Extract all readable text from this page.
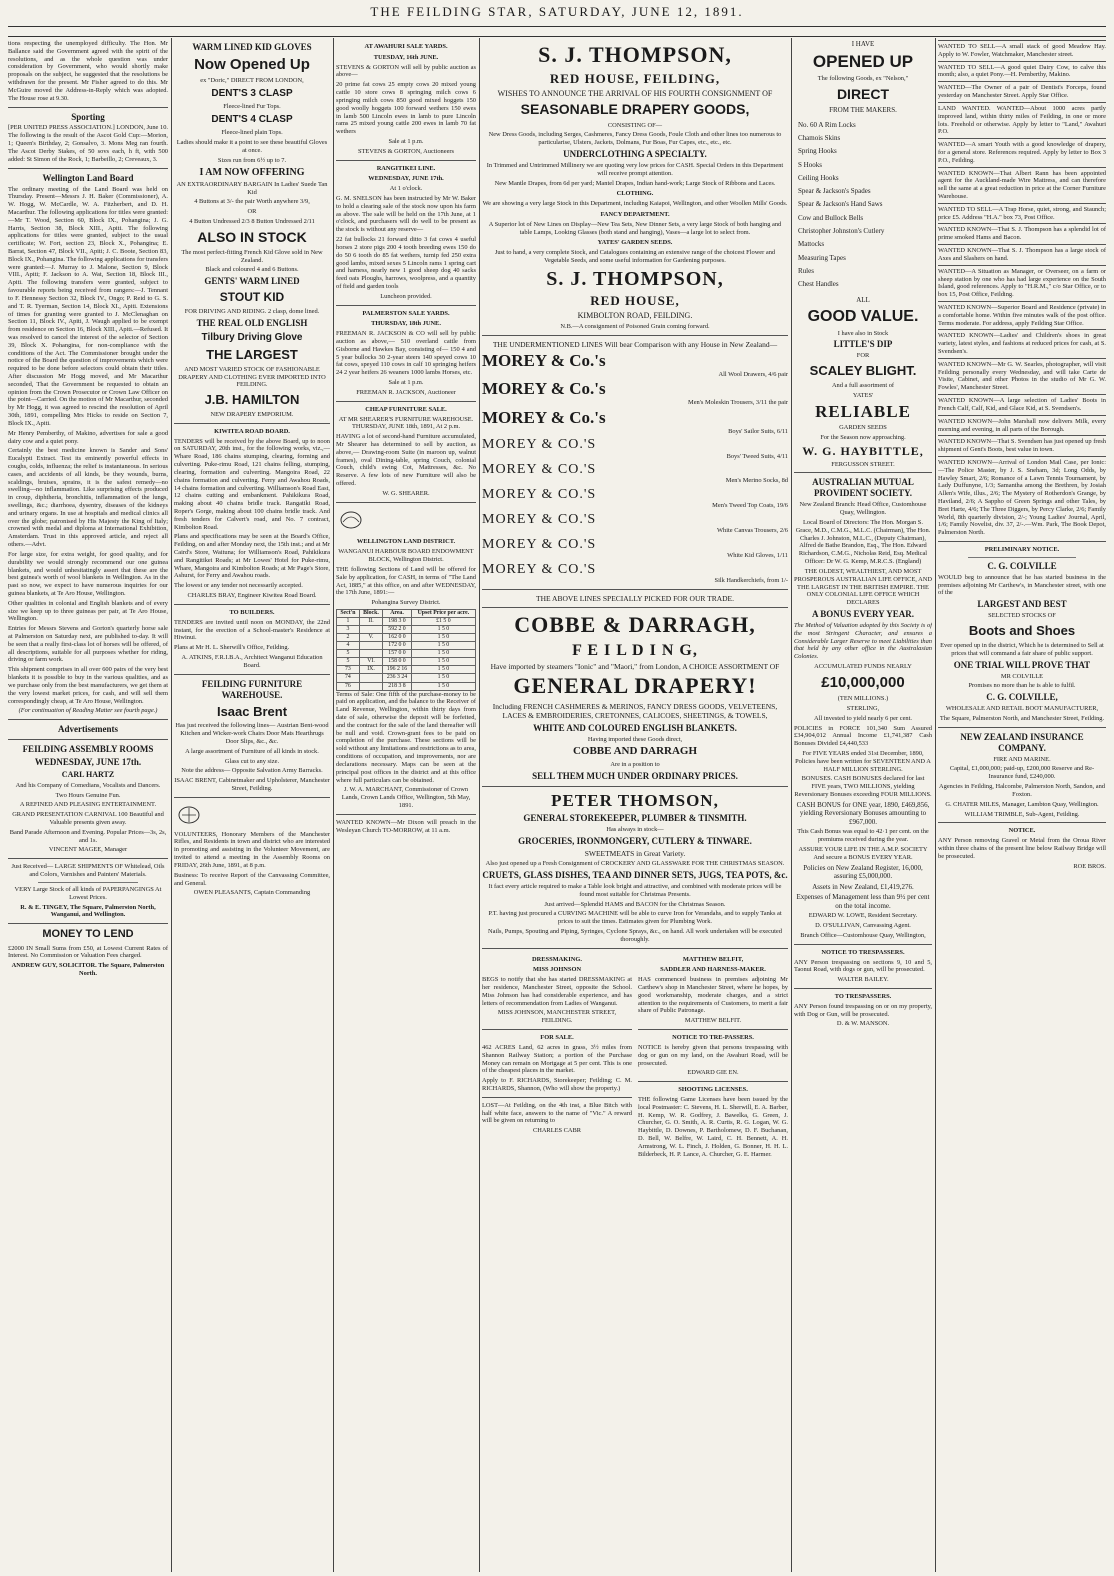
THE FEILDING STAR, SATURDAY, JUNE 12, 1891.

tions respecting the unemployed difficulty. The Hon. Mr Ballance said the Government agreed with the spirit of the resolutions, and as the whole question was under consideration by Government, who would shortly make proposals on the subject, he suggested that the resolutions be withdrawn for the present. Mr Fisher agreed to do this. Mr McGuire moved the Address-in-Reply which was adopted. The House rose at 9.30.

Sporting

[PER UNITED PRESS ASSOCIATION.] LONDON, June 10. The following is the result of the Ascot Gold Cup:—Morion, 1; Queen's Birthday, 2; Gonsalvo, 3. Mons Meg ran fourth. The Ascot Derby Stakes, of 50 sovs each, h ft, with 500 added: St Simon of the Rock, 1; Barbeillo, 2; Creveaux, 3.

Wellington Land Board

The ordinary meeting of the Land Board was held on Thursday. Present—Messrs J. H. Baker (Commissioner), A. W. Hogg, W. McCardle, W. A. Fitzherbert, and D. H. Macarthur. The following applications for titles were granted:—Mr T. Wood, Section 60, Block IX., Pohangina; J. G. Harris, Section 38, Block XIII., Apiti. The following applications for titles were granted, subject to the usual certificate; W. Fort, section 23, Block X., Pohangina; E. Barrat, Section 47, Block VII., Apiti; J. C. Boote, Section 83, Block IX., Pohangina. The following applications for transfers were granted:—J. Murray to J. Malone, Section 9, Block VIII., Apiti; F. Jackson to A. Wat, Section 18, Block III., Apiti. The following transfers were granted, subject to favourable reports being received from rangers:—J. Tennant to F. Hennessy Section 32, Block IV., Ongo; P. Reid to G. S. and T. R. Tyerman, Section 14, Block XI., Apiti. Extensions of times for granting were granted to J. McClenaghan on Section 11, Block IV., Apiti, J. Waugh applied to be exempt from residence on Section 16, Block XIII., Apiti.—Refused. It was resolved to cancel the interest of the selector of Section 39, Block X. Pohangina, for non-compliance with the conditions of the Act. The Commissioner brought under the notice of the Board the question of improvements which were required to be done before selectors could obtain their titles. After discussion Mr Hogg moved, and Mr Macarthur seconded, That the Government be requested to obtain an opinion from the Crown Prosecutor or Crown Law Officer on the point—Carried. On the motion of Mr Macarthur, seconded by Mr Hogg, it was agreed to rescind the resolution of April 30th, 1891, compelling Mrs Hicks to reside on Section 7, Block IX., Apiti.

Mr Henry Pemberthy, of Makino, advertises for sale a good dairy cow and a quiet pony.

Certainly the best medicine known is Sander and Sons' Eucalypti Extract. Test its eminently powerful effects in coughs, colds, influenza; the relief is instantaneous. In serious cases, and accidents of all kinds, be they wounds, burns, scaldings, bruises, sprains, it is the safest remedy—no swelling—no inflammation. Like surprising effects produced in croup, diphtheria, bronchitis, inflammation of the lungs, swellings, &c.; diarrhoea, dysentry, diseases of the kidneys and urinary organs. In use at hospitals and medical clinics all over the globe; patronised by His Majesty the King of Italy; crowned with medal and diploma at International Exhibition, Amsterdam. Trust in this approved article, and reject all others.—Advt.

For large size, for extra weight, for good quality, and for durability we would strongly recommend our one guinea blankets, and would unhesitatingly assert that these are the best guinea's worth of wool blankets in Wellington. As in the past so now, we expect to have numerous inquiries for our guinea blankets, at Te Aro House, Wellington.

Other qualities in colonial and English blankets and of every size we keep up to three guineas per pair, at Te Aro House, Wellington.

Entries for Messrs Stevens and Gorton's quarterly horse sale at Palmerston on Saturday next, are published to-day. It will be seen that a really first-class lot of horses will be offered, of all descriptions, suitable for all purposes whether for riding, driving or farm work.

This shipment comprises in all over 600 pairs of the very best blankets it is possible to buy in the various qualities, and as we purchase only from the best manufacturers, we get them at the very lowest market prices, for cash, and will sell them correspondingly cheap, at Te Aro House, Wellington.

(For continuation of Reading Matter see fourth page.)

Advertisements
FEILDING ASSEMBLY ROOMS
WEDNESDAY, JUNE 17th.
CARL HARTZ

And his Company of Comedians, Vocalists and Dancers.

Two Hours Genuine Fun.

A REFINED AND PLEASING ENTERTAINMENT.

GRAND PRESENTATION CARNIVAL 100 Beautiful and Valuable presents given away.

Band Parade Afternoon and Evening. Popular Prices—3s, 2s, and 1s.

VINCENT MAGEE, Manager

Just Received— LARGE SHIPMENTS OF Whitelead, Oils and Colors, Varnishes and Painters' Materials.

VERY Large Stock of all kinds of PAPERPANGINGS At Lowest Prices.

R. & E. TINGEY, The Square, Palmerston North, Wanganui, and Wellington.

MONEY TO LEND

£2000 IN Small Sums from £50, at Lowest Current Rates of Interest. No Commission or Valuation Fees charged.

ANDREW GUY, SOLICITOR. The Square, Palmerston North.

WARM LINED KID GLOVES
Now Opened Up

ex "Doric," DIRECT FROM LONDON,

DENT'S 3 CLASP

Fleece-lined Fur Tops.

DENT'S 4 CLASP

Fleece-lined plain Tops.

Ladies should make it a point to see these beautiful Gloves at once.

Sizes run from 6½ up to 7.

I AM NOW OFFERING

AN EXTRAORDINARY BARGAIN In Ladies' Suede Tan Kid

4 Buttons at 3/- the pair Worth anywhere 3/9,

OR

4 Button Undressed 2/3 8 Button Undressed 2/11

ALSO IN STOCK

The most perfect-fitting French Kid Glove sold in New Zealand.

Black and coloured 4 and 6 Buttons.

GENTS' WARM LINED
STOUT KID

FOR DRIVING AND RIDING. 2 clasp, dome lined.

THE REAL OLD ENGLISH
Tilbury Driving Glove
THE LARGEST

AND MOST VARIED STOCK OF FASHIONABLE DRAPERY AND CLOTHING EVER IMPORTED INTO FEILDING.

J.B. HAMILTON

NEW DRAPERY EMPORIUM.

KIWITEA ROAD BOARD.

TENDERS will be received by the above Board, up to noon on SATURDAY, 20th inst., for the following works, viz.,— Whare Road, 186 chains stumping, clearing, forming and culverting. Puke-rimu Road, 121 chains felling, stumping, clearing, formation and culverting. Mangoira Road, 22 chains formation and culverting. Ferry and Awahou Roads, 14 chains formation and culverting. Williamson's Road East, 12 chains cutting and embankment. Pahikikura Road, making about 40 chains bridle track. Rangatiki Road, Roper's Gorge, making about 100 chains bridle track. And fresh tenders for Calvert's road, and No. 7 contract, Kimbolton Road.

Plans and specifications may be seen at the Board's Office, Feilding, on and after Monday next, the 15th inst.; and at Mr Caird's Store, Waituna; for Williamson's Road, Pahikikura and Rangitikei Roads; at Mr Lowes' Hotel for Puke-rimu, Whare, Mangoira and Kimbolton Roads; at Mr Page's Store, Ashurst, for Ferry and Awahou roads.

The lowest or any tender not necessarily accepted.

CHARLES BRAY, Engineer Kiwitea Road Board.

TO BUILDERS.

TENDERS are invited until noon on MONDAY, the 22nd instant, for the erection of a School-master's Residence at Hiwinui.

Plans at Mr H. L. Sherwill's Office, Feilding.

A. ATKINS, F.R.I.B.A., Architect Wanganui Education Board.

FEILDING FURNITURE WAREHOUSE.
Isaac Brent

Has just received the following lines— Austrian Bent-wood Kitchen and Wicker-work Chairs Door Mats Hearthrugs Door Slips, &c., &c.

A large assortment of Furniture of all kinds in stock.

Glass cut to any size.

Note the address— Opposite Salvation Army Barracks.

ISAAC BRENT, Cabinetmaker and Upholsterer, Manchester Street, Feilding.

VOLUNTEERS, Honorary Members of the Manchester Rifles, and Residents in town and district who are interested in promoting and assisting in the Volunteer Movement, are invited to attend a meeting in the Assembly Rooms on FRIDAY, 26th June, 1891, at 8 p.m.

Business: To receive Report of the Canvassing Committee, and General.

OWEN PLEASANTS, Captain Commanding

AT AWAHURI SALE YARDS.
TUESDAY, 16th JUNE.

STEVENS & GORTON will sell by public auction as above—

20 prime fat cows 25 empty cows 20 mixed young cattle 10 store cows 8 springing milch cows 6 springing milch cows 850 good mixed hoggets 150 good woolly hoggets 100 forward wethers 150 ewes in lamb 500 Lincoln ewes in lamb to pure Lincoln rams 25 mixed young cattle 200 ewes in lamb 70 fat wethers

Sale at 1 p.m.

STEVENS & GORTON, Auctioneers

RANGITIKEI LINE.
WEDNESDAY, JUNE 17th.

At 1 o'clock.

G. M. SNELSON has been instructed by Mr W. Baker to hold a clearing sale of the stock now upon his farm as above. The sale will be held on the 17th June, at 1 o'clock, and purchasers will do well to be present as the stock is without any reserve—

22 fat bullocks 21 forward ditto 3 fat cows 4 useful horses 2 store pigs 200 4 tooth breeding ewes 150 do do 50 6 tooth do 85 fat wethers, turnip fed 250 extra good lambs, mixed sexes 5 Lincoln rams 1 spring cart and harness, nearly new 1 good sheep dog 40 sacks feed oats Ploughs, harrows, woolpress, and a quantity of field and garden tools

Luncheon provided.

PALMERSTON SALE YARDS.
THURSDAY, 18th JUNE.

FREEMAN R. JACKSON & CO will sell by public auction as above,— 510 overland cattle from Gisborne and Hawkes Bay, consisting of— 150 4 and 5 year bullocks 30 2-year steers 140 speyed cows 10 fat cows, speyed 110 cows in calf 10 springing heifers 24 2 year heifers 26 weaners 1000 lambs Horses, etc.

Sale at 1 p.m.

FREEMAN R. JACKSON, Auctioneer

CHEAP FURNITURE SALE.

AT MR SHEARER'S FURNITURE WAREHOUSE. THURSDAY, JUNE 18th, 1891, At 2 p.m.

HAVING a lot of second-hand Furniture accumulated, Mr Shearer has determined to sell by auction, as above,— Drawing-room Suite (in maroon up, walnut frames), oval Dining-table, spring Couch, colonial Couch, child's swing Cot, Mattresses, &c. No Reserve. A few lots of new Furniture will also be offered.

W. G. SHEARER.

WELLINGTON LAND DISTRICT.

WANGANUI HARBOUR BOARD ENDOWMENT BLOCK, Wellington District.

THE following Sections of Land will be offered for Sale by application, for CASH, in terms of "The Land Act, 1885," at this office, on and after WEDNESDAY, the 17th June, 1891:—

Pohangina Survey District.

Sect'n	Block.	Area.	Upset Price per acre.
1	II.	198 3 0	£1 5 0
3		592 2 0	1 5 0
2	V.	162 0 0	1 5 0
4		172 0 0	1 5 0
5		157 0 0	1 5 0
5	VI.	158 0 0	1 5 0
73	IX.	196 2 16	1 5 0
74		236 3 24	1 5 0
76		218 3 8	1 5 0

Terms of Sale: One fifth of the purchase-money to be paid on application, and the balance to the Receiver of Land Revenue, Wellington, within thirty days from date of sale, otherwise the deposit will be forfeited, and the contract for the sale of the land thereafter will be null and void. Crown-grant fees to be paid on completion of the purchase. These sections will be sold without any limitations and restrictions as to area, conditions of occupation, and improvements, nor are declarations necessary. Maps can be seen at the principal post offices in the district and at this office where full particulars can be obtained.

J. W. A. MARCHANT, Commissioner of Crown Lands, Crown Lands Office, Wellington, 5th May, 1891.

WANTED KNOWN—Mr Dixon will preach in the Wesleyan Church TO-MORROW, at 11 a.m.

S. J. THOMPSON,
RED HOUSE, FEILDING,

WISHES TO ANNOUNCE THE ARRIVAL OF HIS FOURTH CONSIGNMENT OF

SEASONABLE DRAPERY GOODS,

CONSISTING OF—

New Dress Goods, including Serges, Cashmeres, Fancy Dress Goods, Foule Cloth and other lines too numerous to particularise, Ulsters, Jackets, Dolmans, Fur Boas, Fur Capes, etc., etc., etc.

UNDERCLOTHING A SPECIALTY.

In Trimmed and Untrimmed Millinery we are quoting very low prices for CASH. Special Orders in this Department will receive prompt attention.

New Mantle Drapes, from 6d per yard; Mantel Drapes, Indian hand-work; Large Stock of Ribbons and Laces.

CLOTHING.

We are showing a very large Stock in this Department, including Kaiapoi, Wellington, and other Woollen Mills' Goods.

FANCY DEPARTMENT.

A Superior lot of New Lines on Display—New Tea Sets, New Dinner Sets, a very large Stock of both hanging and table Lamps, Looking Glasses (both stand and hanging), Vases—a large lot to select from.

YATES' GARDEN SEEDS.

Just to hand, a very complete Stock, and Catalogues containing an extensive range of the choicest Flower and Vegetable Seeds, and some useful information for Gardening purposes.

S. J. THOMPSON,
RED HOUSE,

KIMBOLTON ROAD, FEILDING.

N.B.—A consignment of Poisoned Grain coming forward.

THE UNDERMENTIONED LINES Will bear Comparison with any House in New Zealand—

MOREY & Co.'s
All Wool Drawers, 4/6 pair
MOREY & Co.'s
Men's Moleskin Trousers, 3/11 the pair
MOREY & Co.'s
Boys' Sailor Suits, 6/11
MOREY & CO.'S
Boys' Tweed Suits, 4/11
MOREY & CO.'S
Men's Merino Socks, 8d
MOREY & CO.'S
Men's Tweed Top Coats, 19/6
MOREY & CO.'S
White Canvas Trousers, 2/6
MOREY & CO.'S
White Kid Gloves, 1/11
MOREY & CO.'S
Silk Handkerchiefs, from 1/-

THE ABOVE LINES SPECIALLY PICKED FOR OUR TRADE.

COBBE & DARRAGH,
F E I L D I N G,

Have imported by steamers "Ionic" and "Maori," from London, A CHOICE ASSORTMENT OF

GENERAL DRAPERY!

Including FRENCH CASHMERES & MERINOS, FANCY DRESS GOODS, VELVETEENS, LACES & EMBROIDERIES, CRETONNES, CALICOES, SHEETINGS, & TOWELS,

WHITE AND COLOURED ENGLISH BLANKETS.

Having imported these Goods direct,

COBBE AND DARRAGH

Are in a position to

SELL THEM MUCH UNDER ORDINARY PRICES.
PETER THOMSON,
GENERAL STOREKEEPER, PLUMBER & TINSMITH.

Has always in stock—

GROCERIES, IRONMONGERY, CUTLERY & TINWARE.

SWEETMEATS in Great Variety.

Also just opened up a Fresh Consignment of CROCKERY AND GLASSWARE FOR THE CHRISTMAS SEASON.

CRUETS, GLASS DISHES, TEA AND DINNER SETS, JUGS, TEA POTS, &c.

It fact every article required to make a Table look bright and attractive, and combined with moderate prices will be found most suitable for Christmas Presents.

Just arrived—Splendid HAMS and BACON for the Christmas Season.

P.T. having just procured a CURVING MACHINE will be able to curve Iron for Verandahs, and to supply Tanks at prices to suit the times. Estimates given for Plumbing Work.

Nails, Pumps, Spouting and Piping, Syringes, Cyclone Sprays, &c., on hand. All work undertaken will be executed thoroughly.

DRESSMAKING.
MISS JOHNSON

BEGS to notify that she has started DRESSMAKING at her residence, Manchester Street, opposite the School. Miss Johnson has had considerable experience, and has letters of recommendation from Ladies of Wanganui.

MISS JOHNSON, MANCHESTER STREET, FEILDING.

FOR SALE.

462 ACRES Land, 62 acres in grass, 3½ miles from Shannon Railway Station; a portion of the Purchase Money can remain on Mortgage at 5 per cent. This is one of the cheapest places in the market.

Apply to F. RICHARDS, Storekeeper; Feilding; C. M. RICHARDS, Shannon, (Who will show the property.)

LOST—At Feilding, on the 4th inst, a Blue Bitch with half white face, answers to the name of "Vic." A reward will be given on returning to

CHARLES CABR

MATTHEW BELFIT,
SADDLER AND HARNESS-MAKER.

HAS commenced business in premises adjoining Mr Carthew's shop in Manchester Street, where he hopes, by good workmanship, moderate charges, and a strict attention to the requirements of Customers, to merit a fair share of Public Patronage.

MATTHEW BELFIT.

NOTICE TO TRE-PASSERS.

NOTICE is hereby given that persons trespassing with dog or gun on my land, on the Awahuri Road, will be prosecuted.

EDWARD GIE EN.

SHOOTING LICENSES.

THE following Game Licenses have been issued by the local Postmaster: C. Stevens, H. L. Sherwill, E. A. Barber, H. Kemp, W. R. Godfrey, J. Bawelka, G. Green, J. Churcher, G. O. Smith, A. R. Curtis, R. G. Logan, W. G. Haybittle, D. Downes, P. Bartholomew, D. F. Buchanan, D. Bell, W. Belfre, W. Laird, C. H. Bennett, A. H. Armstrong, W. L. Finch, J. Holden, G. Bonner, H. H. L. Bilderbeck, H. P. Lance, A. Churcher, G. E. Harmer.

I HAVE

OPENED UP

The following Goods, ex "Nelson,"

DIRECT

FROM THE MAKERS.

No. 60 A Rim Locks
Chamois Skins
Spring Hooks
S Hooks
Ceiling Hooks
Spear & Jackson's Spades
Spear & Jackson's Hand Saws
Cow and Bullock Bells
Christopher Johnston's Cutlery
Mattocks
Measuring Tapes
Rules
Chest Handles

ALL

GOOD VALUE.

I have also in Stock

LITTLE'S DIP

FOR

SCALEY BLIGHT.

And a full assortment of

YATES'

RELIABLE

GARDEN SEEDS

For the Season now approaching.

W. G. HAYBITTLE,

FERGUSSON STREET.

AUSTRALIAN MUTUAL PROVIDENT SOCIETY.

New Zealand Branch: Head Office, Customhouse Quay, Wellington.

Local Board of Directors: The Hon. Morgan S. Grace, M.D., C.M.G., M.L.C. (Chairman), The Hon. Charles J. Johnston, M.L.C., (Deputy Chairman), Alfred de Bathe Brandon, Esq., The Hon. Edward Richardson, C.M.G., Nicholas Reid, Esq. Medical Officer: Dr W. G. Kemp, M.R.C.S. (England)

THE OLDEST, WEALTHIEST, AND MOST PROSPEROUS AUSTRALIAN LIFE OFFICE, AND THE LARGEST IN THE BRITISH EMPIRE. THE ONLY COLONIAL LIFE OFFICE WHICH DECLARES

A BONUS EVERY YEAR.

The Method of Valuation adopted by this Society is of the most Stringent Character, and ensures a Considerable Larger Reserve to meet Liabilities than that held by any other office in the Australasian Colonies.

ACCUMULATED FUNDS NEARLY

£10,000,000

(TEN MILLIONS.)

STERLING,

All invested to yield nearly 6 per cent.

POLICIES in FORCE 101,340 Sum Assured £34,904,012 Annual Income £1,741,387 Cash Bonuses Divided £4,440,533

For FIVE YEARS ended 31st December, 1890, Policies have been written for SEVENTEEN AND A HALF MILLION STERLING.

BONUSES. CASH BONUSES declared for last FIVE years, TWO MILLIONS, yielding Reversionary Bonuses exceeding FOUR MILLIONS.

CASH BONUS for ONE year, 1890, £469,856, yielding Reversionary Bonuses amounting to £967,000.

This Cash Bonus was equal to 42·1 per cent. on the premiums received during the year.

ASSURE YOUR LIFE IN THE A.M.P. SOCIETY And secure a BONUS EVERY YEAR.

Policies on New Zealand Register, 16,000, assuring £5,000,000.

Assets in New Zealand, £1,419,276.

Expenses of Management less than 9½ per cent on the total income.

EDWARD W. LOWE, Resident Secretary.

D. O'SULLIVAN, Canvassing Agent.

Branch Office—Customhouse Quay, Wellington,

NOTICE TO TRESPASSERS.

ANY Person trespassing on sections 9, 10 and 5, Taonui Road, with dogs or gun, will be prosecuted.

WALTER BAILEY.

TO TRESPASSERS.

ANY Person found trespassing on or on my property, with Dog or Gun, will be prosecuted.

D. & W. MANSON.

WANTED TO SELL—A small stack of good Meadow Hay. Apply to W. Fowler, Watchmaker, Manchester street.

WANTED TO SELL—A good quiet Dairy Cow, to calve this month; also, a quiet Pony.—H. Pemberthy, Makino.

WANTED—The Owner of a pair of Dentist's Forceps, found yesterday on Manchester Street. Apply Star Office.

LAND WANTED. WANTED—About 1000 acres partly improved land, within thirty miles of Feilding, in one or more lots. Freehold or otherwise. Apply by letter to "Land," Awahuri P.O.

WANTED—A smart Youth with a good knowledge of drapery, for a general store. References required. Apply by letter to Box 3 P.O., Feilding.

WANTED KNOWN—That Albert Rann has been appointed agent for the Auckland-made Wire Mattress, and can therefore sell the same at a great reduction in price at the Corner Furniture Warehouse.

WANTED TO SELL—A Trap Horse, quiet, strong, and Staunch; price £5. Address "H.A." box 73, Post Office.

WANTED KNOWN—That S. J. Thompson has a splendid lot of prime smoked Hams and Bacon.

WANTED KNOWN—That S. J. Thompson has a large stock of Axes and Slashers on hand.

WANTED—A Situation as Manager, or Overseer, on a farm or sheep station by one who has had large experience on the South Island, good references. Apply to "H.R.M.," c/o Star Office, or to box 15, Post Office, Feilding.

WANTED KNOWN—Superior Board and Residence (private) in a comfortable home. Within five minutes walk of the post office. Terms moderate. For address, apply Feilding Star Office.

WANTED KNOWN—Ladies' and Children's shoes in great variety, latest styles, and fashions at reduced prices for cash, at S. Svendsen's.

WANTED KNOWN—Mr G. W. Searles, photographer, will visit Feilding personally every Wednesday, and will take Carte de Visite, Cabinet, and other Photos in the studio of Mr G. W. Fowles', Manchester Street.

WANTED KNOWN—A large selection of Ladies' Boots in French Calf, Calf, Kid, and Glace Kid, at S. Svendsen's.

WANTED KNOWN—John Marshall now delivers Milk, every morning and evening, in all parts of the Borough.

WANTED KNOWN—That S. Svendsen has just opened up fresh shipment of Gent's Boots, best value in town.

WANTED KNOWN—Arrival of London Mail Case, per Ionic:—The Police Master, by J. S. Sneham, 3d; Long Odds, by Hawley Smart, 2/6; Romance of a Lawn Tennis Tournament, by Lady Duffunyne, 1/3; Samantha among the Brethren, by Josiah Allen's Wife, illus., 2/6; The Mystery of Rotherdon's Grange, by Haviland, 2/6; A Sappho of Green Springs and other Tales, by Bret Harte, 4/6; The Three Diggers, by Percy Clarke, 2/6; Family World, 8th quarterly division, 2/-; Young Ladies' Journal, April, 1/6; Family Novelist, div. 37, 2/-.—Wm. Park, The Book Depot, Palmerston North.

PRELIMINARY NOTICE.
C. G. COLVILLE

WOULD beg to announce that he has started business in the premises adjoining Mr Carthew's, in Manchester street, with one of the

LARGEST AND BEST

SELECTED STOCKS OF

Boots and Shoes

Ever opened up in the district, Which he is determined to Sell at prices that will command a fair share of public support.

ONE TRIAL WILL PROVE THAT

MR COLVILLE

Promises no more than he is able to fulfil.

C. G. COLVILLE,

WHOLESALE AND RETAIL BOOT MANUFACTURER,

The Square, Palmerston North, and Manchester Street, Feilding.

NEW ZEALAND INSURANCE COMPANY.

FIRE AND MARINE.

Capital, £1,000,000; paid-up, £200,000 Reserve and Re-Insurance fund, £240,000.

Agencies in Feilding, Halcombe, Palmerston North, Sandon, and Foxton.

G. CHATER MILES, Manager, Lambton Quay, Wellington.

WILLIAM TRIMBLE, Sub-Agent, Feilding.

NOTICE.

ANY Person removing Gravel or Metal from the Oroua River within three chains of the present line below Railway Bridge will be prosecuted.

ROE BROS.
